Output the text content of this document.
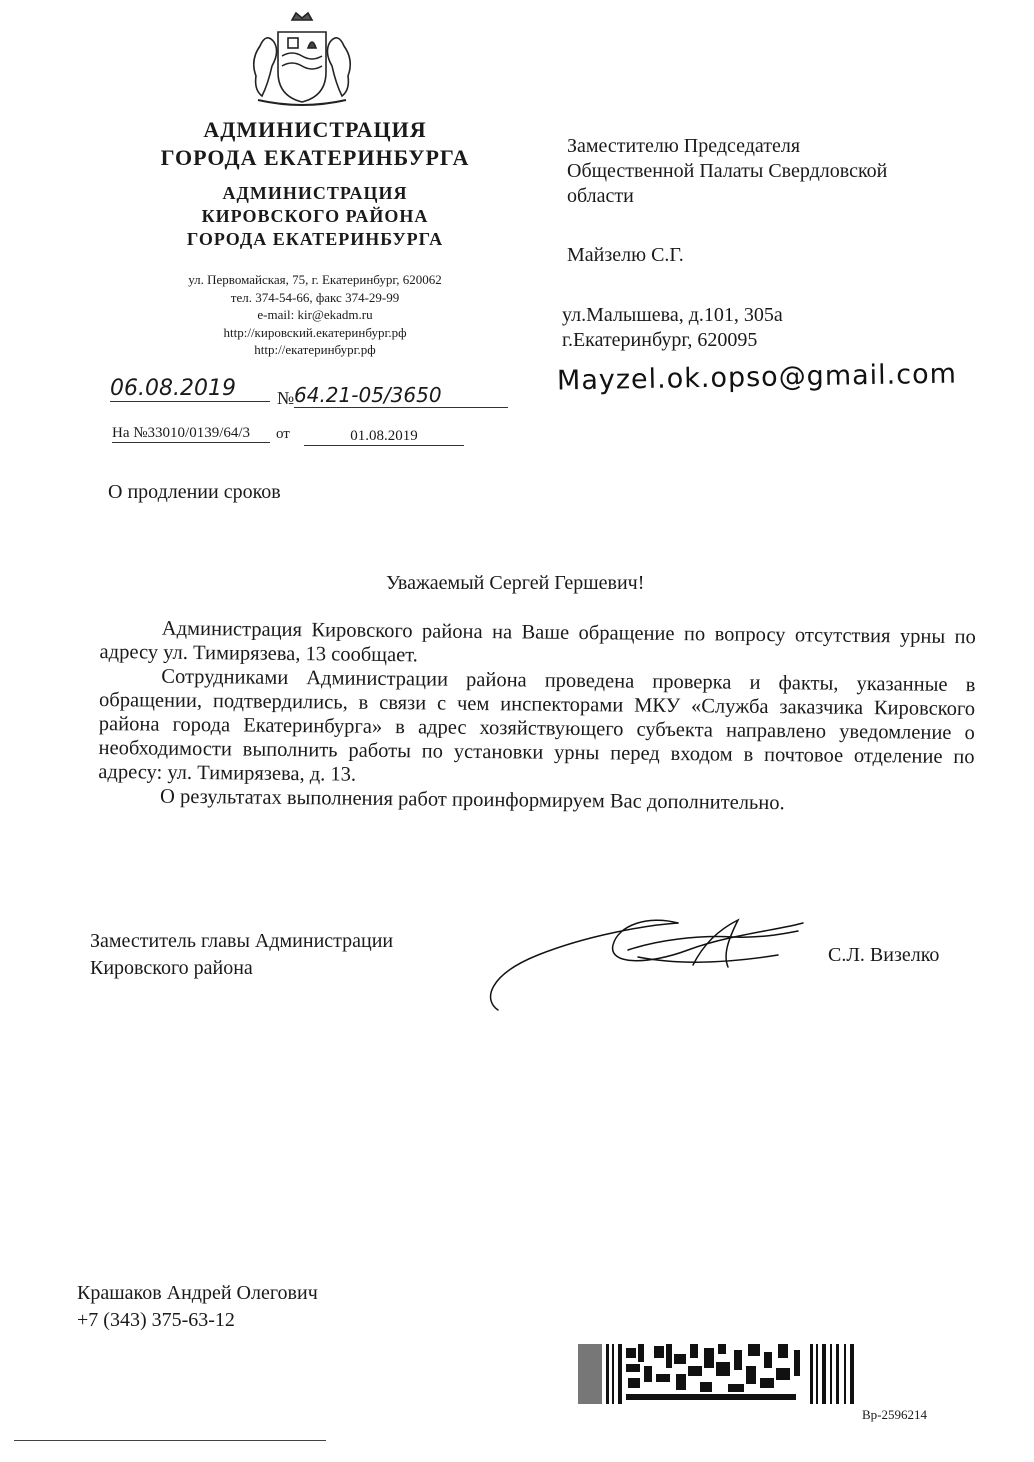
АДМИНИСТРАЦИЯ
ГОРОДА ЕКАТЕРИНБУРГА
АДМИНИСТРАЦИЯ
КИРОВСКОГО РАЙОНА
ГОРОДА ЕКАТЕРИНБУРГА
ул. Первомайская, 75, г. Екатеринбург, 620062
тел. 374-54-66, факс 374-29-99
e-mail: kir@ekadm.ru
http://кировский.екатеринбург.рф
http://екатеринбург.рф
06.08.2019	№ 64.21-05/3650
На №33010/0139/64/3	от	01.08.2019
Заместителю Председателя
Общественной Палаты Свердловской
области
Майзелю С.Г.
ул.Малышева, д.101, 305а
г.Екатеринбург, 620095
Mayzel.ok.opso@gmail.com
О продлении сроков
Уважаемый Сергей Гершевич!

Администрация Кировского района на Ваше обращение по вопросу отсутствия урны по адресу ул. Тимирязева, 13 сообщает.

Сотрудниками Администрации района проведена проверка и факты, указанные в обращении, подтвердились, в связи с чем инспекторами МКУ «Служба заказчика Кировского района города Екатеринбурга» в адрес хозяйствующего субъекта направлено уведомление о необходимости выполнить работы по установки урны перед входом в почтовое отделение по адресу: ул. Тимирязева, д. 13.

О результатах выполнения работ проинформируем Вас дополнительно.

Заместитель главы Администрации
Кировского района
С.Л. Визелко
Крашаков Андрей Олегович
+7 (343) 375-63-12
Вр-2596214
